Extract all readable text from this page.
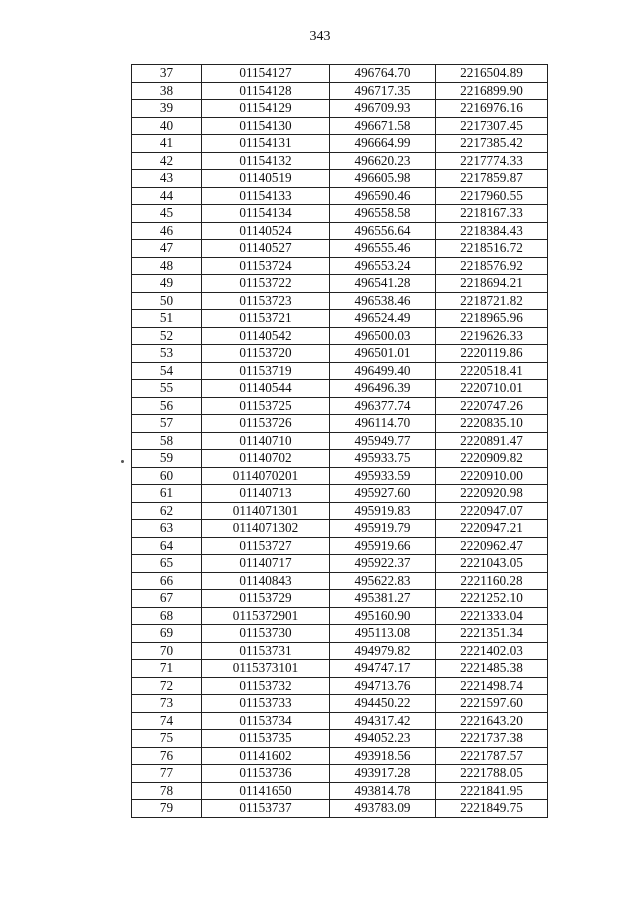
343
37	01154127	496764.70	2216504.89
38	01154128	496717.35	2216899.90
39	01154129	496709.93	2216976.16
40	01154130	496671.58	2217307.45
41	01154131	496664.99	2217385.42
42	01154132	496620.23	2217774.33
43	01140519	496605.98	2217859.87
44	01154133	496590.46	2217960.55
45	01154134	496558.58	2218167.33
46	01140524	496556.64	2218384.43
47	01140527	496555.46	2218516.72
48	01153724	496553.24	2218576.92
49	01153722	496541.28	2218694.21
50	01153723	496538.46	2218721.82
51	01153721	496524.49	2218965.96
52	01140542	496500.03	2219626.33
53	01153720	496501.01	2220119.86
54	01153719	496499.40	2220518.41
55	01140544	496496.39	2220710.01
56	01153725	496377.74	2220747.26
57	01153726	496114.70	2220835.10
58	01140710	495949.77	2220891.47
59	01140702	495933.75	2220909.82
60	0114070201	495933.59	2220910.00
61	01140713	495927.60	2220920.98
62	0114071301	495919.83	2220947.07
63	0114071302	495919.79	2220947.21
64	01153727	495919.66	2220962.47
65	01140717	495922.37	2221043.05
66	01140843	495622.83	2221160.28
67	01153729	495381.27	2221252.10
68	0115372901	495160.90	2221333.04
69	01153730	495113.08	2221351.34
70	01153731	494979.82	2221402.03
71	0115373101	494747.17	2221485.38
72	01153732	494713.76	2221498.74
73	01153733	494450.22	2221597.60
74	01153734	494317.42	2221643.20
75	01153735	494052.23	2221737.38
76	01141602	493918.56	2221787.57
77	01153736	493917.28	2221788.05
78	01141650	493814.78	2221841.95
79	01153737	493783.09	2221849.75
